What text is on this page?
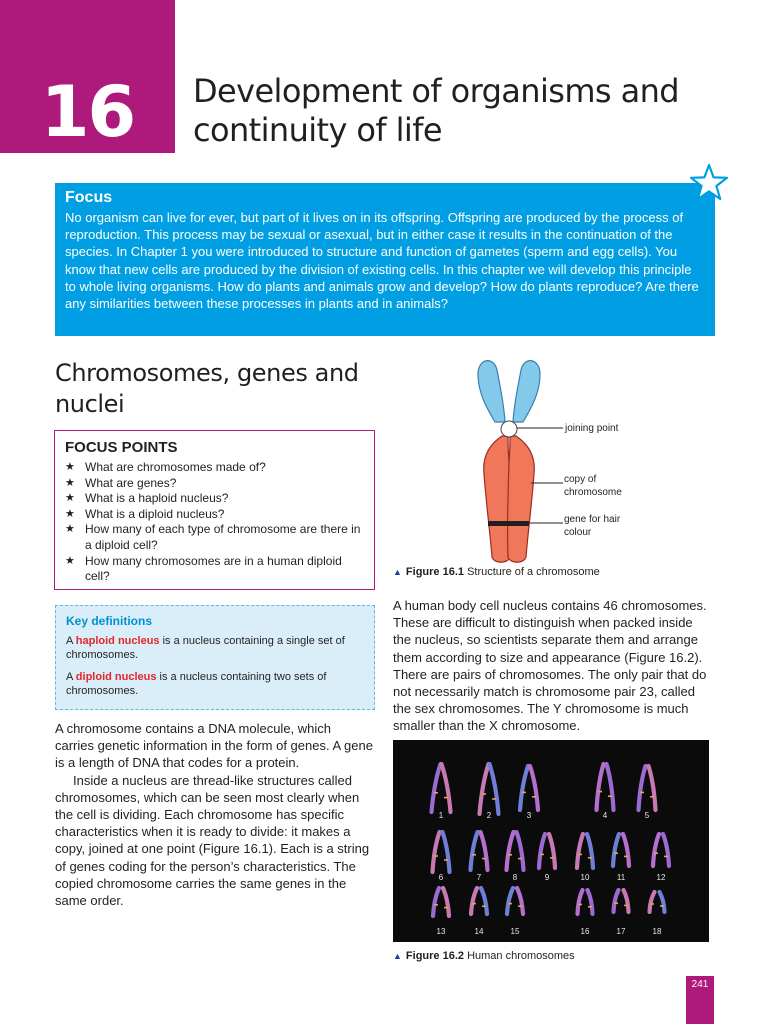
16	Development of organisms and continuity of life
Focus

No organism can live for ever, but part of it lives on in its offspring. Offspring are produced by the process of reproduction. This process may be sexual or asexual, but in either case it results in the continuation of the species. In Chapter 1 you were introduced to structure and function of gametes (sperm and egg cells). You know that new cells are produced by the division of existing cells. In this chapter we will develop this principle to whole living organisms. How do plants and animals grow and develop? How do plants reproduce? Are there any similarities between these processes in plants and in animals?

Chromosomes, genes and nuclei
FOCUS POINTS
★ What are chromosomes made of?
★ What are genes?
★ What is a haploid nucleus?
★ What is a diploid nucleus?
★ How many of each type of chromosome are there in a diploid cell?
★ How many chromosomes are in a human diploid cell?
Key definitions

A haploid nucleus is a nucleus containing a single set of chromosomes.

A diploid nucleus is a nucleus containing two sets of chromosomes.

A chromosome contains a DNA molecule, which carries genetic information in the form of genes. A gene is a length of DNA that codes for a protein.

Inside a nucleus are thread-like structures called chromosomes, which can be seen most clearly when the cell is dividing. Each chromosome has specific characteristics when it is ready to divide: it makes a copy, joined at one point (Figure 16.1). Each is a string of genes coding for the person’s characteristics. The copied chromosome carries the same genes in the same order.

joining point
copy of chromosome
gene for hair colour
▲ Figure 16.1 Structure of a chromosome

A human body cell nucleus contains 46 chromosomes. These are difficult to distinguish when packed inside the nucleus, so scientists separate them and arrange them according to size and appearance (Figure 16.2). There are pairs of chromosomes. The only pair that do not necessarily match is chromosome pair 23, called the sex chromosomes. The Y chromosome is much smaller than the X chromosome.

1	2	3	4	5
6	7	8	9	10	11	12
13	14	15	16	17	18
▲ Figure 16.2 Human chromosomes
241
